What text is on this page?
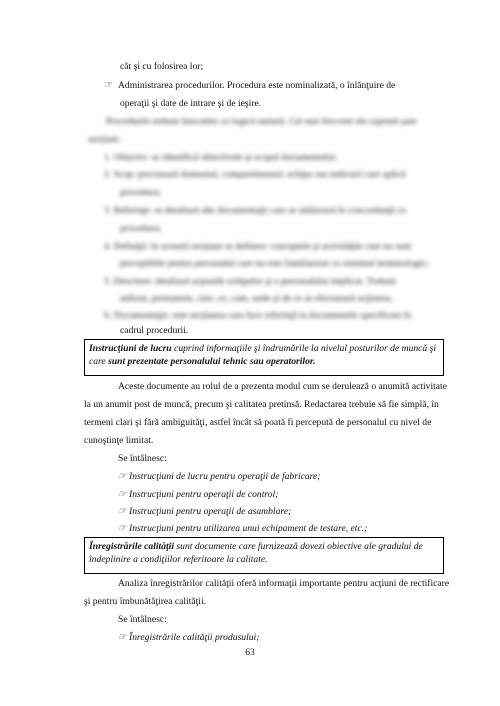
cât şi cu folosirea lor;
☞ Administrarea procedurilor. Procedura este nominalizată, o înlănţuire de
operaţii şi date de intrare şi de ieşire.
Procedurile trebuie întocmite cu logică unitară. Cel mai frecvent ele cuprind șase
secțiuni:
1. Obiectiv: se identifică obiectivele şi scopul documentului;
2. Scop: precizează domeniul, compartimentul, echipa sau indivizii care aplică
procedura;
3. Referinţe: se detaliază alte documentaţii care se utilizează în concordanţă cu
procedura;
4. Definiţii: în această secţiune se definesc conceptele şi activităţile care nu sunt
perceptibile pentru personalul care nu este familiarizat cu sistemul terminologic;
5. Descriere: detaliază acţiunile echipelor şi a personalului implicat. Trebuie
utilizat, permanent, cine, ce, cum, unde şi de ce se efectuează acţiunea;
6. Documentaţie: este secţiunea care face referinţă la documentele specificate în
cadrul procedurii.
Instrucţiuni de lucru cuprind informaţiile şi îndrumările la nivelul posturilor de muncă şi
care sunt prezentate personalului tehnic sau operatorilor.
Aceste documente au rolul de a prezenta modul cum se derulează o anumită activitate
la un anumit post de muncă, precum şi calitatea pretinsă. Redactarea trebuie să fie simplă, în
termeni clari şi fără ambiguităţi, astfel încât să poată fi percepută de personalul cu nivel de
cunoştinţe limitat.
Se întâlnesc:
☞ Instrucţiuni de lucru pentru operaţii de fabricare;
☞ Instrucţiuni pentru operaţii de control;
☞ Instrucţiuni pentru operaţii de asamblare;
☞ Instrucţiuni pentru utilizarea unui echipament de testare, etc.;
Înregistrările calităţii sunt documente care furnizează dovezi obiective ale gradului de
îndeplinire a condiţiilor referitoare la calitate.
Analiza înregistrărilor calităţii oferă informaţii importante pentru acţiuni de rectificare
şi pentru îmbunătăţirea calităţii.
Se întâlnesc:
☞ Înregistrările calităţii produsului;
63
